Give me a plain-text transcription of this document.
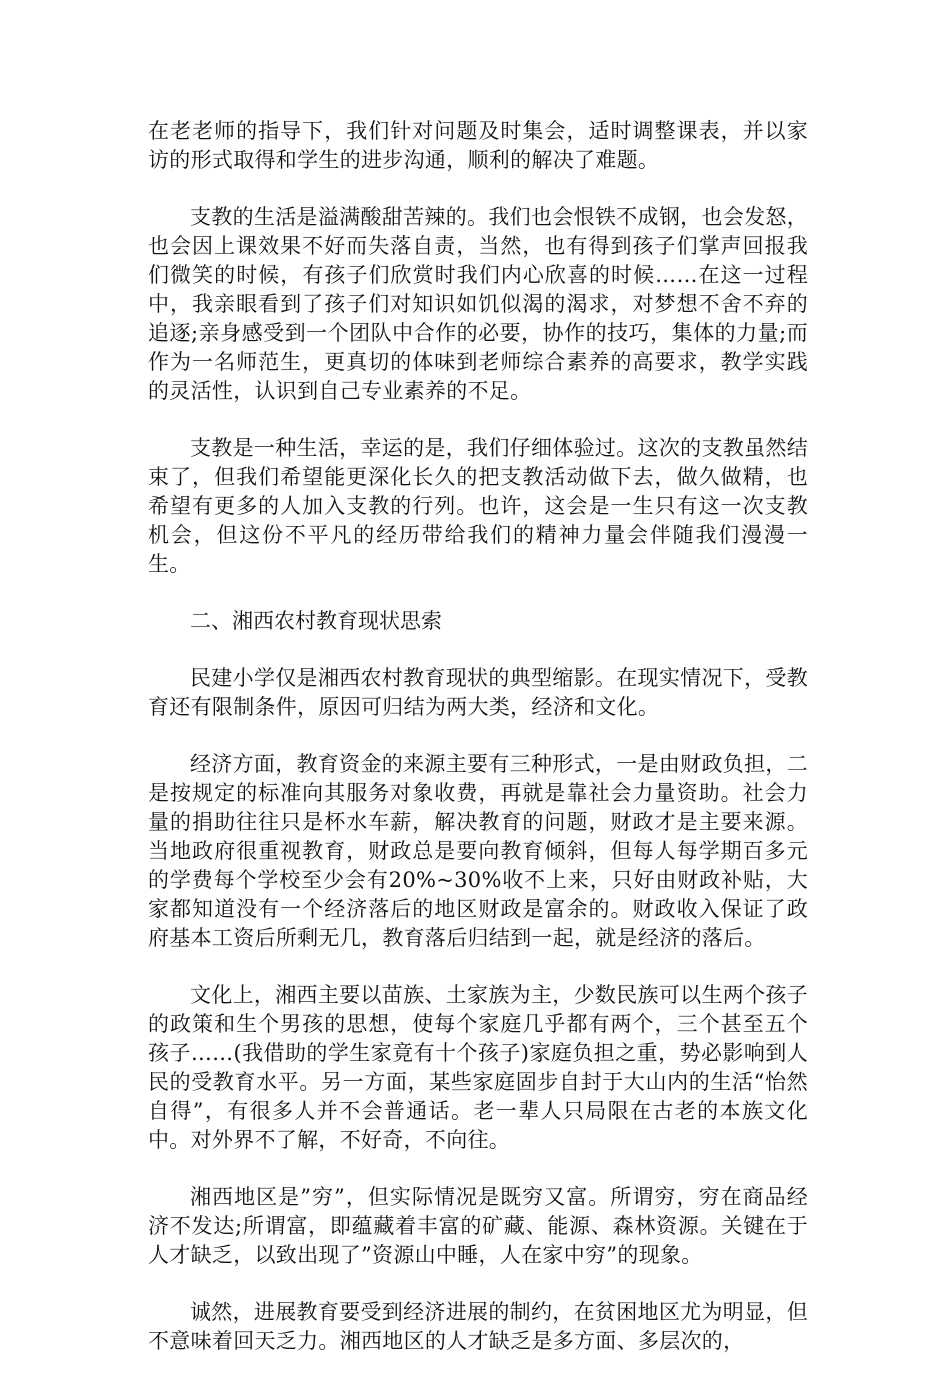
在老老师的指导下，我们针对问题及时集会，适时调整课表，并以家访的形式取得和学生的进步沟通，顺利的解决了难题。

支教的生活是溢满酸甜苦辣的。我们也会恨铁不成钢，也会发怒，也会因上课效果不好而失落自责，当然，也有得到孩子们掌声回报我们微笑的时候，有孩子们欣赏时我们内心欣喜的时候……在这一过程中，我亲眼看到了孩子们对知识如饥似渴的渴求，对梦想不舍不弃的追逐;亲身感受到一个团队中合作的必要，协作的技巧，集体的力量;而作为一名师范生，更真切的体味到老师综合素养的高要求，教学实践的灵活性，认识到自己专业素养的不足。

支教是一种生活，幸运的是，我们仔细体验过。这次的支教虽然结束了，但我们希望能更深化长久的把支教活动做下去，做久做精，也希望有更多的人加入支教的行列。也许，这会是一生只有这一次支教机会，但这份不平凡的经历带给我们的精神力量会伴随我们漫漫一生。

二、湘西农村教育现状思索

民建小学仅是湘西农村教育现状的典型缩影。在现实情况下，受教育还有限制条件，原因可归结为两大类，经济和文化。

经济方面，教育资金的来源主要有三种形式，一是由财政负担，二是按规定的标准向其服务对象收费，再就是靠社会力量资助。社会力量的捐助往往只是杯水车薪，解决教育的问题，财政才是主要来源。当地政府很重视教育，财政总是要向教育倾斜，但每人每学期百多元的学费每个学校至少会有20%~30%收不上来，只好由财政补贴，大家都知道没有一个经济落后的地区财政是富余的。财政收入保证了政府基本工资后所剩无几，教育落后归结到一起，就是经济的落后。

文化上，湘西主要以苗族、土家族为主，少数民族可以生两个孩子的政策和生个男孩的思想，使每个家庭几乎都有两个，三个甚至五个孩子……(我借助的学生家竟有十个孩子)家庭负担之重，势必影响到人民的受教育水平。另一方面，某些家庭固步自封于大山内的生活“怡然自得”，有很多人并不会普通话。老一辈人只局限在古老的本族文化中。对外界不了解，不好奇，不向往。

湘西地区是”穷”，但实际情况是既穷又富。所谓穷，穷在商品经济不发达;所谓富，即蕴藏着丰富的矿藏、能源、森林资源。关键在于人才缺乏，以致出现了”资源山中睡，人在家中穷”的现象。

诚然，进展教育要受到经济进展的制约，在贫困地区尤为明显，但不意味着回天乏力。湘西地区的人才缺乏是多方面、多层次的，
